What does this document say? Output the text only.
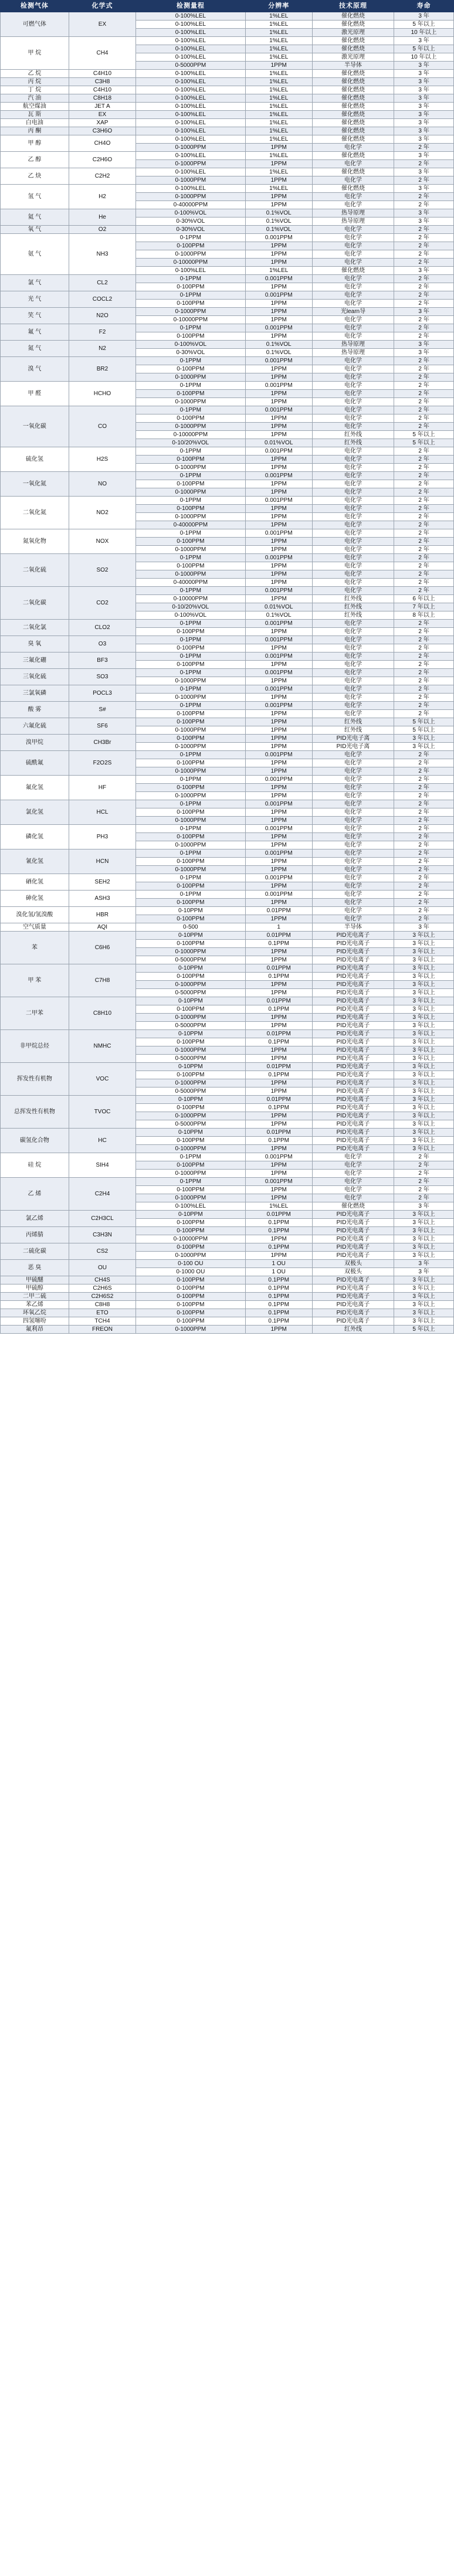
检测气体	化学式	检测量程	分辨率	技术原理	寿命
可燃气体	EX	0-100%LEL	1%LEL	催化燃烧	3 年
		0-100%LEL	1%LEL	催化燃烧	5 年以上
		0-100%LEL	1%LEL	激光原理	10 年以上
甲 烷	CH4	0-100%LEL	1%LEL	催化燃烧	3 年
		0-100%LEL	1%LEL	催化燃烧	5 年以上
		0-100%LEL	1%LEL	激光原理	10 年以上
		0-5000PPM	1PPM	半导体	3 年
乙 烷	C4H10	0-100%LEL	1%LEL	催化燃烧	3 年
丙 烷	C3H8	0-100%LEL	1%LEL	催化燃烧	3 年
丁 烷	C4H10	0-100%LEL	1%LEL	催化燃烧	3 年
汽 油	C8H18	0-100%LEL	1%LEL	催化燃烧	3 年
航空煤油	JET A	0-100%LEL	1%LEL	催化燃烧	3 年
瓦 斯	EX	0-100%LEL	1%LEL	催化燃烧	3 年
白电油	XAP	0-100%LEL	1%LEL	催化燃烧	3 年
丙 酮	C3H6O	0-100%LEL	1%LEL	催化燃烧	3 年
甲 醇	CH4O	0-100%LEL	1%LEL	催化燃烧	3 年
		0-1000PPM	1PPM	电化学	2 年
乙 醇	C2H6O	0-100%LEL	1%LEL	催化燃烧	3 年
		0-1000PPM	1PPM	电化学	2 年
乙 炔	C2H2	0-100%LEL	1%LEL	催化燃烧	3 年
		0-1000PPM	1PPM	电化学	2 年
氢 气	H2	0-100%LEL	1%LEL	催化燃烧	3 年
		0-1000PPM	1PPM	电化学	2 年
		0-40000PPM	1PPM	电化学	2 年
氦 气	He	0-100%VOL	0.1%VOL	热导原理	3 年
		0-30%VOL	0.1%VOL	热导原理	3 年
氧 气	O2	0-30%VOL	0.1%VOL	电化学	2 年
氨 气	NH3	0-1PPM	0.001PPM	电化学	2 年
		0-100PPM	1PPM	电化学	2 年
		0-1000PPM	1PPM	电化学	2 年
		0-10000PPM	1PPM	电化学	2 年
		0-100%LEL	1%LEL	催化燃烧	3 年
氯 气	CL2	0-1PPM	0.001PPM	电化学	2 年
		0-100PPM	1PPM	电化学	2 年
光 气	COCL2	0-1PPM	0.001PPM	电化学	2 年
		0-100PPM	1PPM	电化学	2 年
笑 气	N2O	0-1000PPM	1PPM	光learn导	3 年
		0-10000PPM	1PPM	电化学	2 年
氟 气	F2	0-1PPM	0.001PPM	电化学	2 年
		0-100PPM	1PPM	电化学	2 年
氮 气	N2	0-100%VOL	0.1%VOL	热导原理	3 年
		0-30%VOL	0.1%VOL	热导原理	3 年
溴 气	BR2	0-1PPM	0.001PPM	电化学	2 年
		0-100PPM	1PPM	电化学	2 年
		0-1000PPM	1PPM	电化学	2 年
甲 醛	HCHO	0-1PPM	0.001PPM	电化学	2 年
		0-100PPM	1PPM	电化学	2 年
		0-1000PPM	1PPM	电化学	2 年
一氧化碳	CO	0-1PPM	0.001PPM	电化学	2 年
		0-100PPM	1PPM	电化学	2 年
		0-1000PPM	1PPM	电化学	2 年
		0-10000PPM	1PPM	红外线	5 年以上
		0-10/20%VOL	0.01%VOL	红外线	5 年以上
硫化氢	H2S	0-1PPM	0.001PPM	电化学	2 年
		0-100PPM	1PPM	电化学	2 年
		0-1000PPM	1PPM	电化学	2 年
一氧化氮	NO	0-1PPM	0.001PPM	电化学	2 年
		0-100PPM	1PPM	电化学	2 年
		0-1000PPM	1PPM	电化学	2 年
二氧化氮	NO2	0-1PPM	0.001PPM	电化学	2 年
		0-100PPM	1PPM	电化学	2 年
		0-1000PPM	1PPM	电化学	2 年
		0-40000PPM	1PPM	电化学	2 年
氮氧化物	NOX	0-1PPM	0.001PPM	电化学	2 年
		0-100PPM	1PPM	电化学	2 年
		0-1000PPM	1PPM	电化学	2 年
二氧化硫	SO2	0-1PPM	0.001PPM	电化学	2 年
		0-100PPM	1PPM	电化学	2 年
		0-1000PPM	1PPM	电化学	2 年
		0-40000PPM	1PPM	电化学	2 年
二氧化碳	CO2	0-1PPM	0.001PPM	电化学	2 年
		0-10000PPM	1PPM	红外线	6 年以上
		0-10/20%VOL	0.01%VOL	红外线	7 年以上
		0-100%VOL	0.1%VOL	红外线	8 年以上
二氧化氯	CLO2	0-1PPM	0.001PPM	电化学	2 年
		0-100PPM	1PPM	电化学	2 年
臭 氧	O3	0-1PPM	0.001PPM	电化学	2 年
		0-100PPM	1PPM	电化学	2 年
三氟化硼	BF3	0-1PPM	0.001PPM	电化学	2 年
		0-100PPM	1PPM	电化学	2 年
三氧化硫	SO3	0-1PPM	0.001PPM	电化学	2 年
		0-1000PPM	1PPM	电化学	2 年
三氯氧磷	POCL3	0-1PPM	0.001PPM	电化学	2 年
		0-1000PPM	1PPM	电化学	2 年
酸 雾	S#	0-1PPM	0.001PPM	电化学	2 年
		0-100PPM	1PPM	电化学	2 年
六氟化硫	SF6	0-100PPM	1PPM	红外线	5 年以上
		0-1000PPM	1PPM	红外线	5 年以上
溴甲烷	CH3Br	0-100PPM	1PPM	PID光电子离	3 年以上
		0-1000PPM	1PPM	PID光电子离	3 年以上
硫酰氟	F2O2S	0-1PPM	0.001PPM	电化学	2 年
		0-100PPM	1PPM	电化学	2 年
		0-1000PPM	1PPM	电化学	2 年
氟化氢	HF	0-1PPM	0.001PPM	电化学	2 年
		0-100PPM	1PPM	电化学	2 年
		0-1000PPM	1PPM	电化学	2 年
氯化氢	HCL	0-1PPM	0.001PPM	电化学	2 年
		0-100PPM	1PPM	电化学	2 年
		0-1000PPM	1PPM	电化学	2 年
磷化氢	PH3	0-1PPM	0.001PPM	电化学	2 年
		0-100PPM	1PPM	电化学	2 年
		0-1000PPM	1PPM	电化学	2 年
氰化氢	HCN	0-1PPM	0.001PPM	电化学	2 年
		0-100PPM	1PPM	电化学	2 年
		0-1000PPM	1PPM	电化学	2 年
硒化氢	SEH2	0-1PPM	0.001PPM	电化学	2 年
		0-100PPM	1PPM	电化学	2 年
砷化氢	ASH3	0-1PPM	0.001PPM	电化学	2 年
		0-100PPM	1PPM	电化学	2 年
溴化氢/氢溴酸	HBR	0-10PPM	0.01PPM	电化学	2 年
		0-100PPM	1PPM	电化学	2 年
空气质量	AQI	0-500	1	半导体	3 年
苯	C6H6	0-10PPM	0.01PPM	PID光电离子	3 年以上
		0-100PPM	0.1PPM	PID光电离子	3 年以上
		0-1000PPM	1PPM	PID光电离子	3 年以上
		0-5000PPM	1PPM	PID光电离子	3 年以上
甲 苯	C7H8	0-10PPM	0.01PPM	PID光电离子	3 年以上
		0-100PPM	0.1PPM	PID光电离子	3 年以上
		0-1000PPM	1PPM	PID光电离子	3 年以上
		0-5000PPM	1PPM	PID光电离子	3 年以上
二甲苯	C8H10	0-10PPM	0.01PPM	PID光电离子	3 年以上
		0-100PPM	0.1PPM	PID光电离子	3 年以上
		0-1000PPM	1PPM	PID光电离子	3 年以上
		0-5000PPM	1PPM	PID光电离子	3 年以上
非甲烷总烃	NMHC	0-10PPM	0.01PPM	PID光电离子	3 年以上
		0-100PPM	0.1PPM	PID光电离子	3 年以上
		0-1000PPM	1PPM	PID光电离子	3 年以上
		0-5000PPM	1PPM	PID光电离子	3 年以上
挥发性有机物	VOC	0-10PPM	0.01PPM	PID光电离子	3 年以上
		0-100PPM	0.1PPM	PID光电离子	3 年以上
		0-1000PPM	1PPM	PID光电离子	3 年以上
		0-5000PPM	1PPM	PID光电离子	3 年以上
总挥发性有机物	TVOC	0-10PPM	0.01PPM	PID光电离子	3 年以上
		0-100PPM	0.1PPM	PID光电离子	3 年以上
		0-1000PPM	1PPM	PID光电离子	3 年以上
		0-5000PPM	1PPM	PID光电离子	3 年以上
碳氢化合物	HC	0-10PPM	0.01PPM	PID光电离子	3 年以上
		0-100PPM	0.1PPM	PID光电离子	3 年以上
		0-1000PPM	1PPM	PID光电离子	3 年以上
硅 烷	SIH4	0-1PPM	0.001PPM	电化学	2 年
		0-100PPM	1PPM	电化学	2 年
		0-1000PPM	1PPM	电化学	2 年
乙 烯	C2H4	0-1PPM	0.001PPM	电化学	2 年
		0-100PPM	1PPM	电化学	2 年
		0-1000PPM	1PPM	电化学	2 年
		0-100%LEL	1%LEL	催化燃烧	3 年
氯乙烯	C2H3CL	0-10PPM	0.01PPM	PID光电离子	3 年以上
		0-100PPM	0.1PPM	PID光电离子	3 年以上
丙烯腈	C3H3N	0-100PPM	0.1PPM	PID光电离子	3 年以上
		0-10000PPM	1PPM	PID光电离子	3 年以上
二硫化碳	CS2	0-100PPM	0.1PPM	PID光电离子	3 年以上
		0-1000PPM	1PPM	PID光电离子	3 年以上
恶 臭	OU	0-100 OU	1 OU	双极头	3 年
		0-1000 OU	1 OU	双极头	3 年
甲硫醚	CH4S	0-100PPM	0.1PPM	PID光电离子	3 年以上
甲硫醇	C2H6S	0-100PPM	0.1PPM	PID光电离子	3 年以上
二甲二硫	C2H6S2	0-100PPM	0.1PPM	PID光电离子	3 年以上
苯乙烯	C8H8	0-100PPM	0.1PPM	PID光电离子	3 年以上
环氧乙烷	ETO	0-100PPM	0.1PPM	PID光电离子	3 年以上
四氢噻吩	TCH4	0-100PPM	0.1PPM	PID光电离子	3 年以上
氟利昂	FREON	0-1000PPM	1PPM	红外线	5 年以上
